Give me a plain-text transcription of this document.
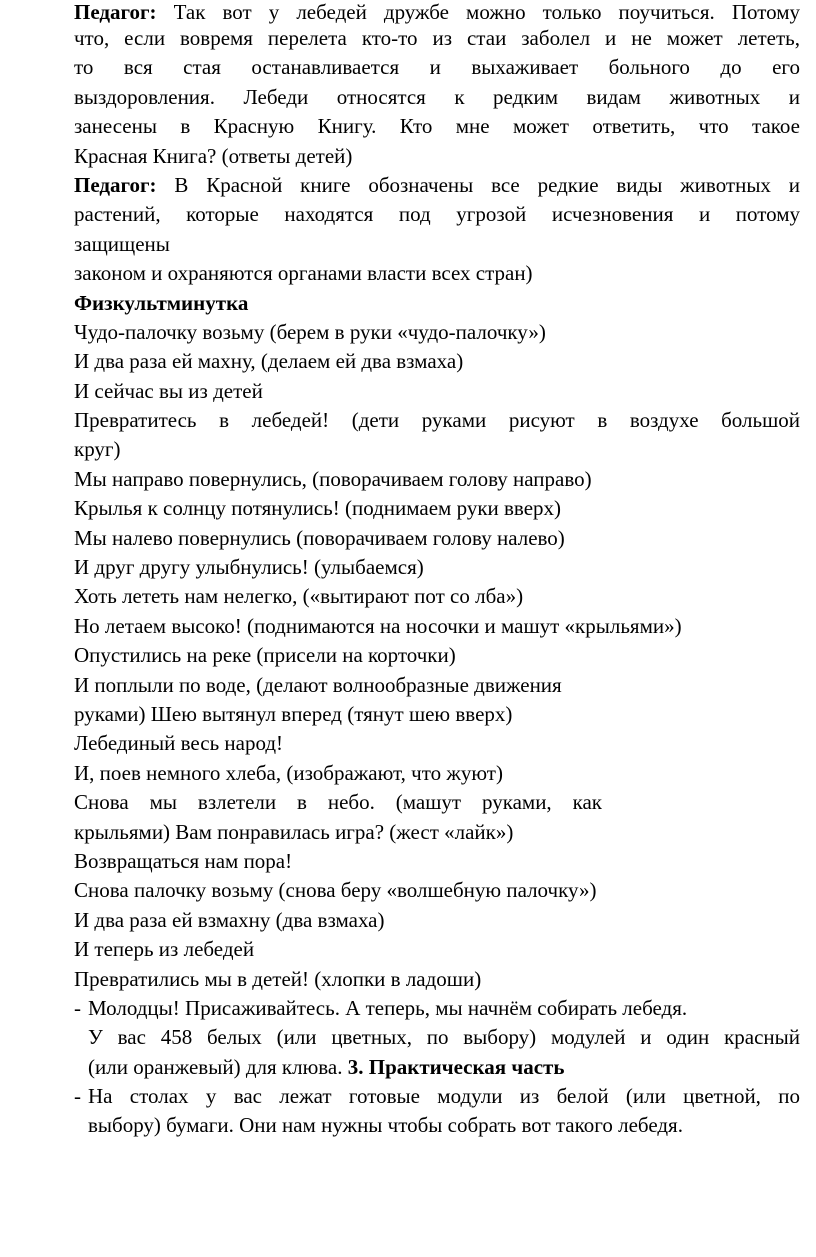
Педагог: Так вот у лебедей дружбе можно только поучиться. Потому
что, если вовремя перелета кто-то из стаи заболел и не может лететь,
то вся стая останавливается и выхаживает больного до его
выздоровления. Лебеди относятся к редким видам животных и
занесены в Красную Книгу. Кто мне может ответить, что такое
Красная Книга? (ответы детей)
Педагог: В Красной книге обозначены все редкие виды животных и
растений, которые находятся под угрозой исчезновения и потому
защищены
законом и охраняются органами власти всех стран)
Физкультминутка
Чудо-палочку возьму (берем в руки «чудо-палочку»)
И два раза ей махну, (делаем ей два взмаха)
И сейчас вы из детей
Превратитесь в лебедей! (дети руками рисуют в воздухе большой
круг)
Мы направо повернулись, (поворачиваем голову направо)
Крылья к солнцу потянулись! (поднимаем руки вверх)
Мы налево повернулись (поворачиваем голову налево)
И друг другу улыбнулись! (улыбаемся)
Хоть лететь нам нелегко, («вытирают пот со лба»)
Но летаем высоко! (поднимаются на носочки и машут «крыльями»)
Опустились на реке (присели на корточки)
И поплыли по воде, (делают волнообразные движения
руками) Шею вытянул вперед (тянут шею вверх)
Лебединый весь народ!
И, поев немного хлеба, (изображают, что жуют)
Снова мы взлетели в небо. (машут руками, как
крыльями) Вам понравилась игра? (жест «лайк»)
Возвращаться нам пора!
Снова палочку возьму (снова беру «волшебную палочку»)
И два раза ей взмахну (два взмаха)
И теперь из лебедей
Превратились мы в детей! (хлопки в ладоши)
- Молодцы! Присаживайтесь. А теперь, мы начнём собирать лебедя.
У вас 458 белых (или цветных, по выбору) модулей и один красный
(или оранжевый) для клюва. 3. Практическая часть
- На столах у вас лежат готовые модули из белой (или цветной, по
выбору) бумаги. Они нам нужны чтобы собрать вот такого лебедя.
